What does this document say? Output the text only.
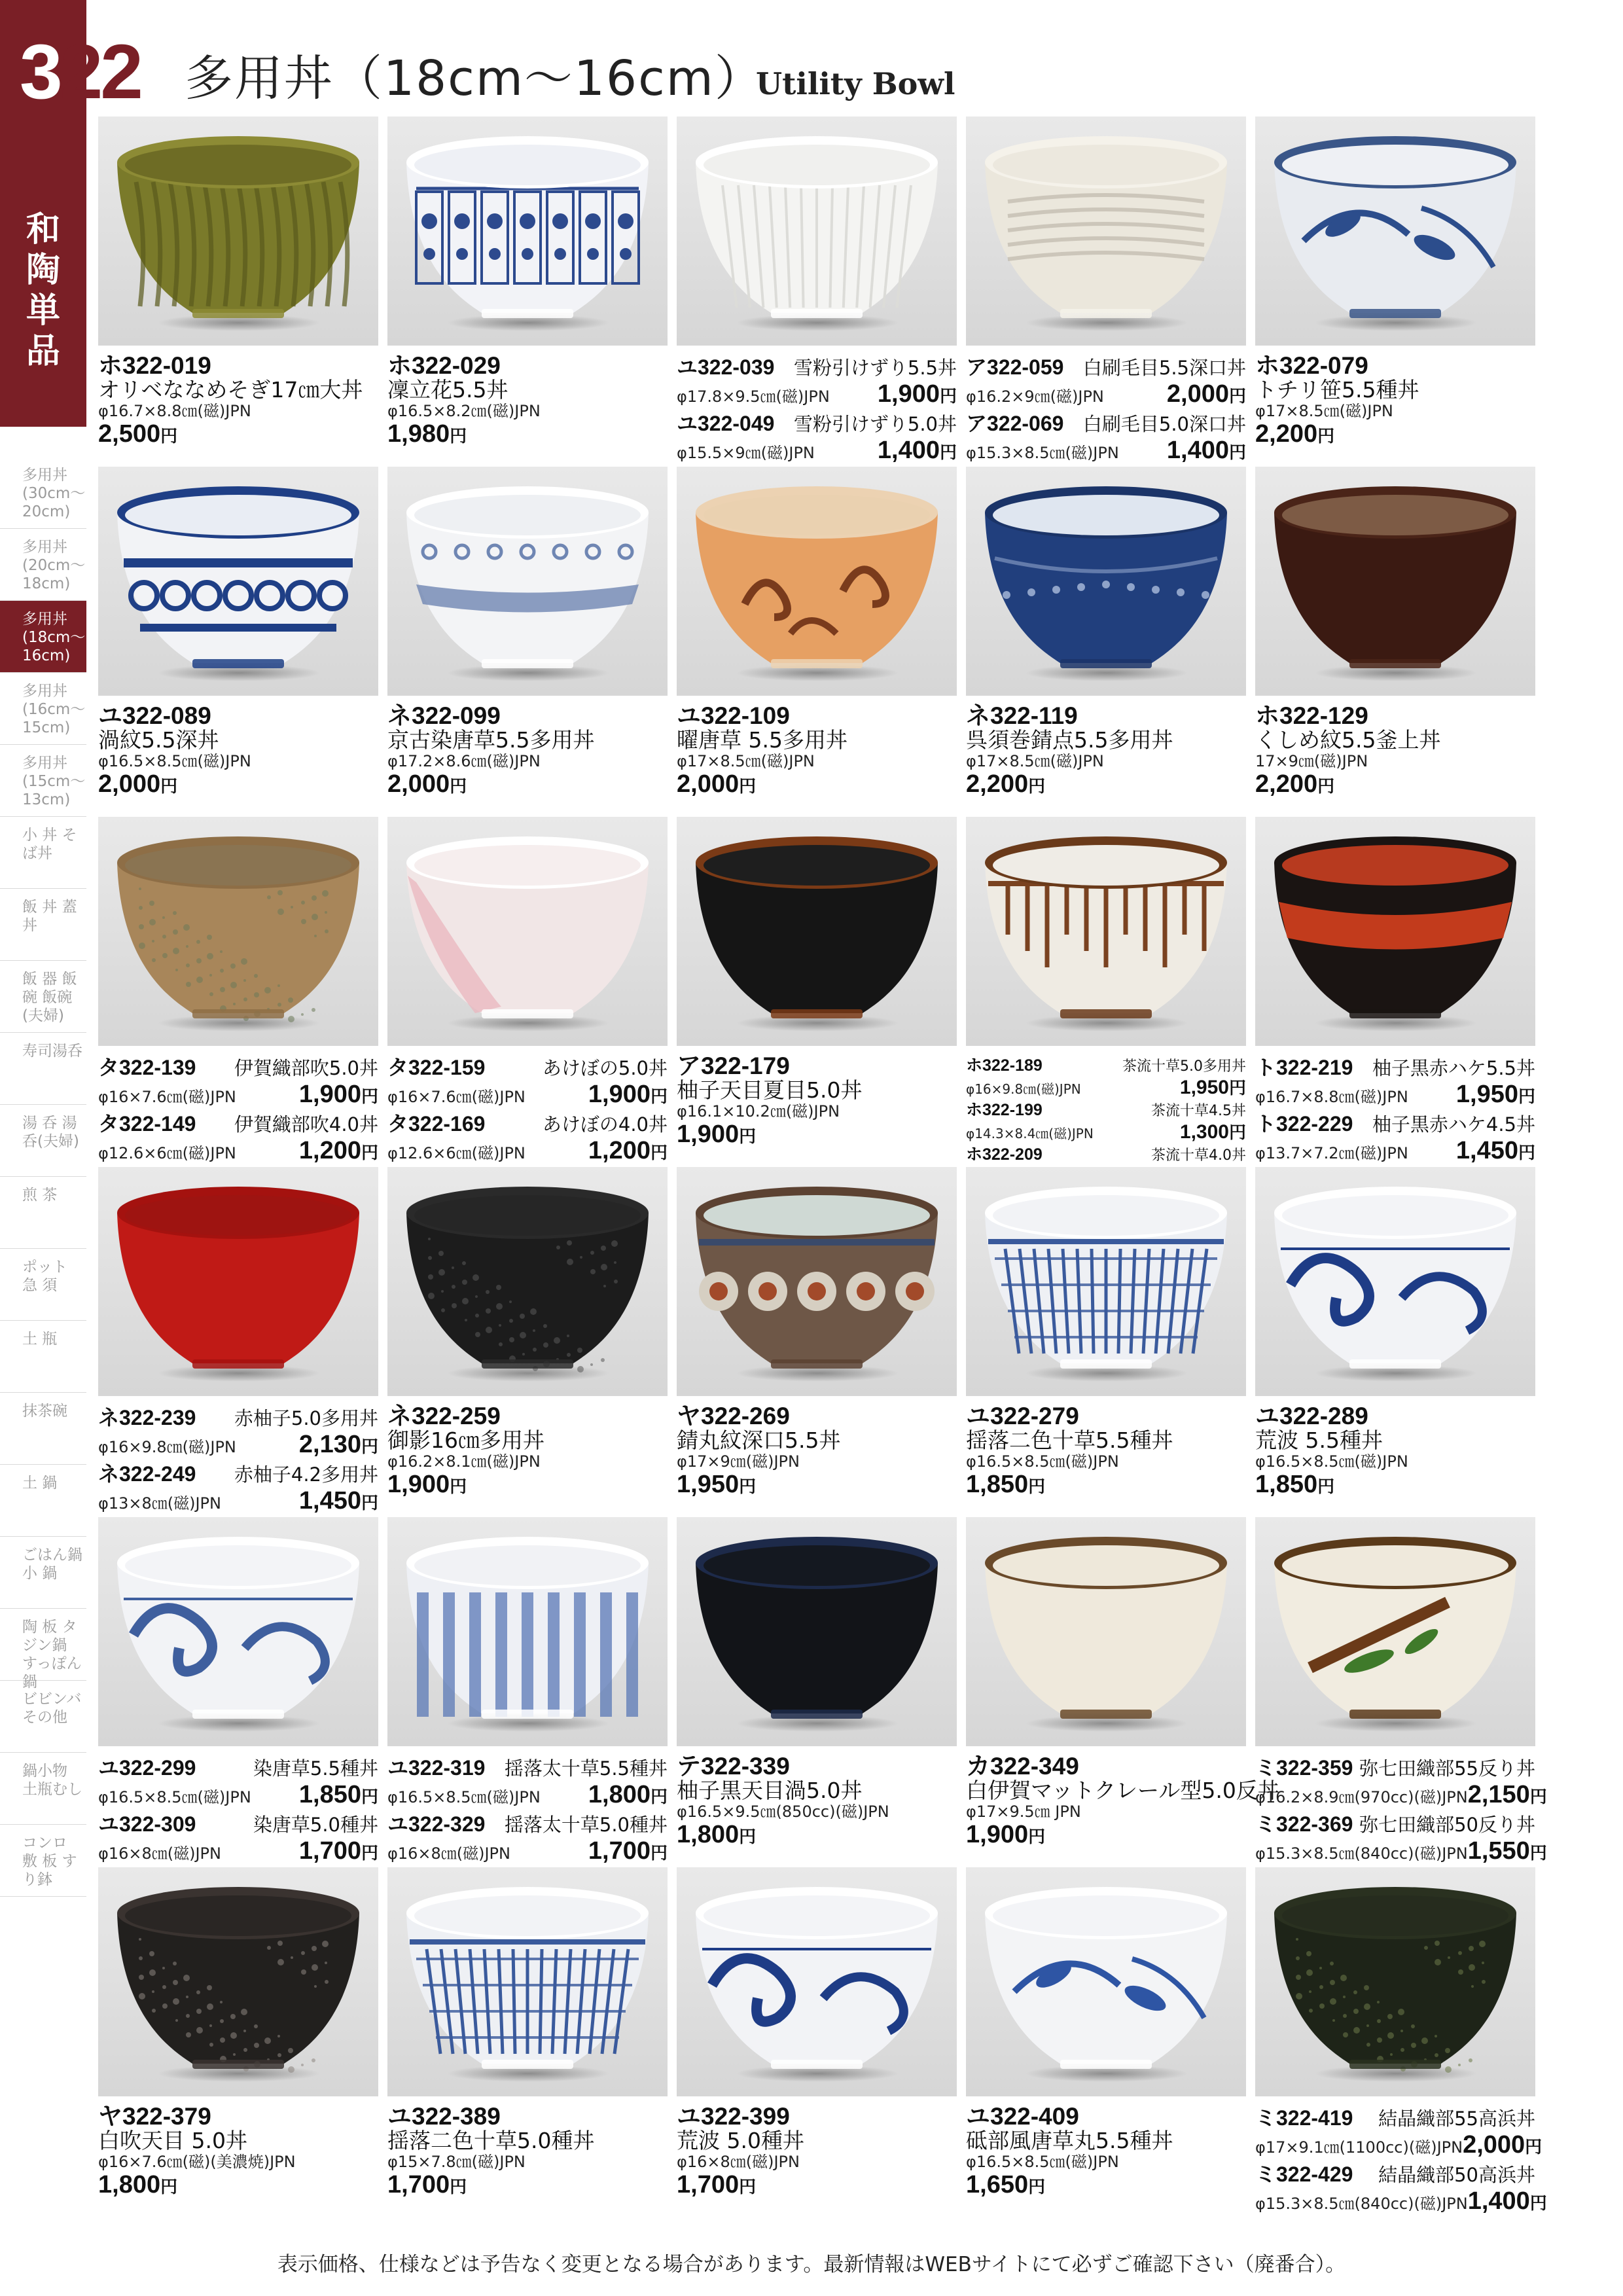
322 多用丼（18cm〜16cm）
Utility Bowl
和陶単品
多用丼(30cm〜20cm)
多用丼(20cm〜18cm)
多用丼(18cm〜16cm)
多用丼(16cm〜15cm)
多用丼(15cm〜13cm)
小 丼 そば丼
飯 丼 蓋 丼
飯 器 飯 碗 飯碗(夫婦)
寿司湯呑
湯 呑 湯呑(夫婦)
煎 茶
ポット 急 須
土 瓶
抹茶碗
土 鍋
ごはん鍋 小 鍋
陶 板 タジン鍋 すっぽん鍋
ビビンバ その他
鍋小物 土瓶むし
コンロ 敷 板 すり鉢
ホ322-019
オリベななめそぎ17㎝大丼
φ16.7×8.8㎝(磁)JPN
2,500円
ホ322-029
凜立花5.5丼
φ16.5×8.2㎝(磁)JPN
1,980円
ユ322-039 雪粉引けずり5.5丼
φ17.8×9.5㎝(磁)JPN 1,900円
ユ322-049 雪粉引けずり5.0丼
φ15.5×9㎝(磁)JPN	1,400円
ア322-059 白刷毛目5.5深口丼
φ16.2×9㎝(磁)JPN	2,000円
ア322-069 白刷毛目5.0深口丼
φ15.3×8.5㎝(磁)JPN 1,400円
ホ322-079
トチリ笹5.5種丼
φ17×8.5㎝(磁)JPN
2,200円
ユ322-089
渦紋5.5深丼
φ16.5×8.5㎝(磁)JPN
2,000円
ネ322-099
京古染唐草5.5多用丼
φ17.2×8.6㎝(磁)JPN
2,000円
ユ322-109
曜唐草 5.5多用丼
φ17×8.5㎝(磁)JPN
2,000円
ネ322-119
呉須巻錆点5.5多用丼
φ17×8.5㎝(磁)JPN
2,200円
ホ322-129
くしめ紋5.5釜上丼
17×9㎝(磁)JPN
2,200円
タ322-139 伊賀織部吹5.0丼
φ16×7.6㎝(磁)JPN	1,900円
タ322-149 伊賀織部吹4.0丼
φ12.6×6㎝(磁)JPN	1,200円
タ322-159	あけぼの5.0丼
φ16×7.6㎝(磁)JPN	1,900円
タ322-169	あけぼの4.0丼
φ12.6×6㎝(磁)JPN	1,200円
ア322-179
柚子天目夏目5.0丼
φ16.1×10.2㎝(磁)JPN
1,900円
ホ322-189	茶流十草5.0多用丼
φ16×9.8㎝(磁)JPN	1,950円
ホ322-199	茶流十草4.5丼
φ14.3×8.4㎝(磁)JPN	1,300円
ホ322-209	茶流十草4.0丼
ト322-219 柚子黒赤ハケ5.5丼
φ16.7×8.8㎝(磁)JPN 1,950円
ト322-229 柚子黒赤ハケ4.5丼
φ13.7×7.2㎝(磁)JPN 1,450円
ネ322-239 赤柚子5.0多用丼
φ16×9.8㎝(磁)JPN	2,130円
ネ322-249 赤柚子4.2多用丼
φ13×8㎝(磁)JPN	1,450円
ネ322-259
御影16㎝多用丼
φ16.2×8.1㎝(磁)JPN
1,900円
ヤ322-269
錆丸紋深口5.5丼
φ17×9㎝(磁)JPN
1,950円
ユ322-279
揺落二色十草5.5種丼
φ16.5×8.5㎝(磁)JPN
1,850円
ユ322-289
荒波 5.5種丼
φ16.5×8.5㎝(磁)JPN
1,850円
ユ322-299	染唐草5.5種丼
φ16.5×8.5㎝(磁)JPN 1,850円
ユ322-309	染唐草5.0種丼
φ16×8㎝(磁)JPN	1,700円
ユ322-319 揺落太十草5.5種丼
φ16.5×8.5㎝(磁)JPN 1,800円
ユ322-329 揺落太十草5.0種丼
φ16×8㎝(磁)JPN	1,700円
テ322-339
柚子黒天目渦5.0丼
φ16.5×9.5㎝(850cc)(磁)JPN
1,800円
カ322-349
白伊賀マットクレール型5.0反丼
φ17×9.5㎝ JPN
1,900円
ミ322-359 弥七田織部55反り丼
φ16.2×8.9㎝(970cc)(磁)JPN 2,150円
ミ322-369 弥七田織部50反り丼
φ15.3×8.5㎝(840cc)(磁)JPN 1,550円
ヤ322-379
白吹天目 5.0丼
φ16×7.6㎝(磁)(美濃焼)JPN
1,800円
ユ322-389
揺落二色十草5.0種丼
φ15×7.8㎝(磁)JPN
1,700円
ユ322-399
荒波 5.0種丼
φ16×8㎝(磁)JPN
1,700円
ユ322-409
砥部風唐草丸5.5種丼
φ16.5×8.5㎝(磁)JPN
1,650円
ミ322-419 結晶織部55高浜丼
φ17×9.1㎝(1100cc)(磁)JPN 2,000円
ミ322-429 結晶織部50高浜丼
φ15.3×8.5㎝(840cc)(磁)JPN 1,400円
表示価格、仕様などは予告なく変更となる場合があります。最新情報はWEBサイトにて必ずご確認下さい（廃番合）。
